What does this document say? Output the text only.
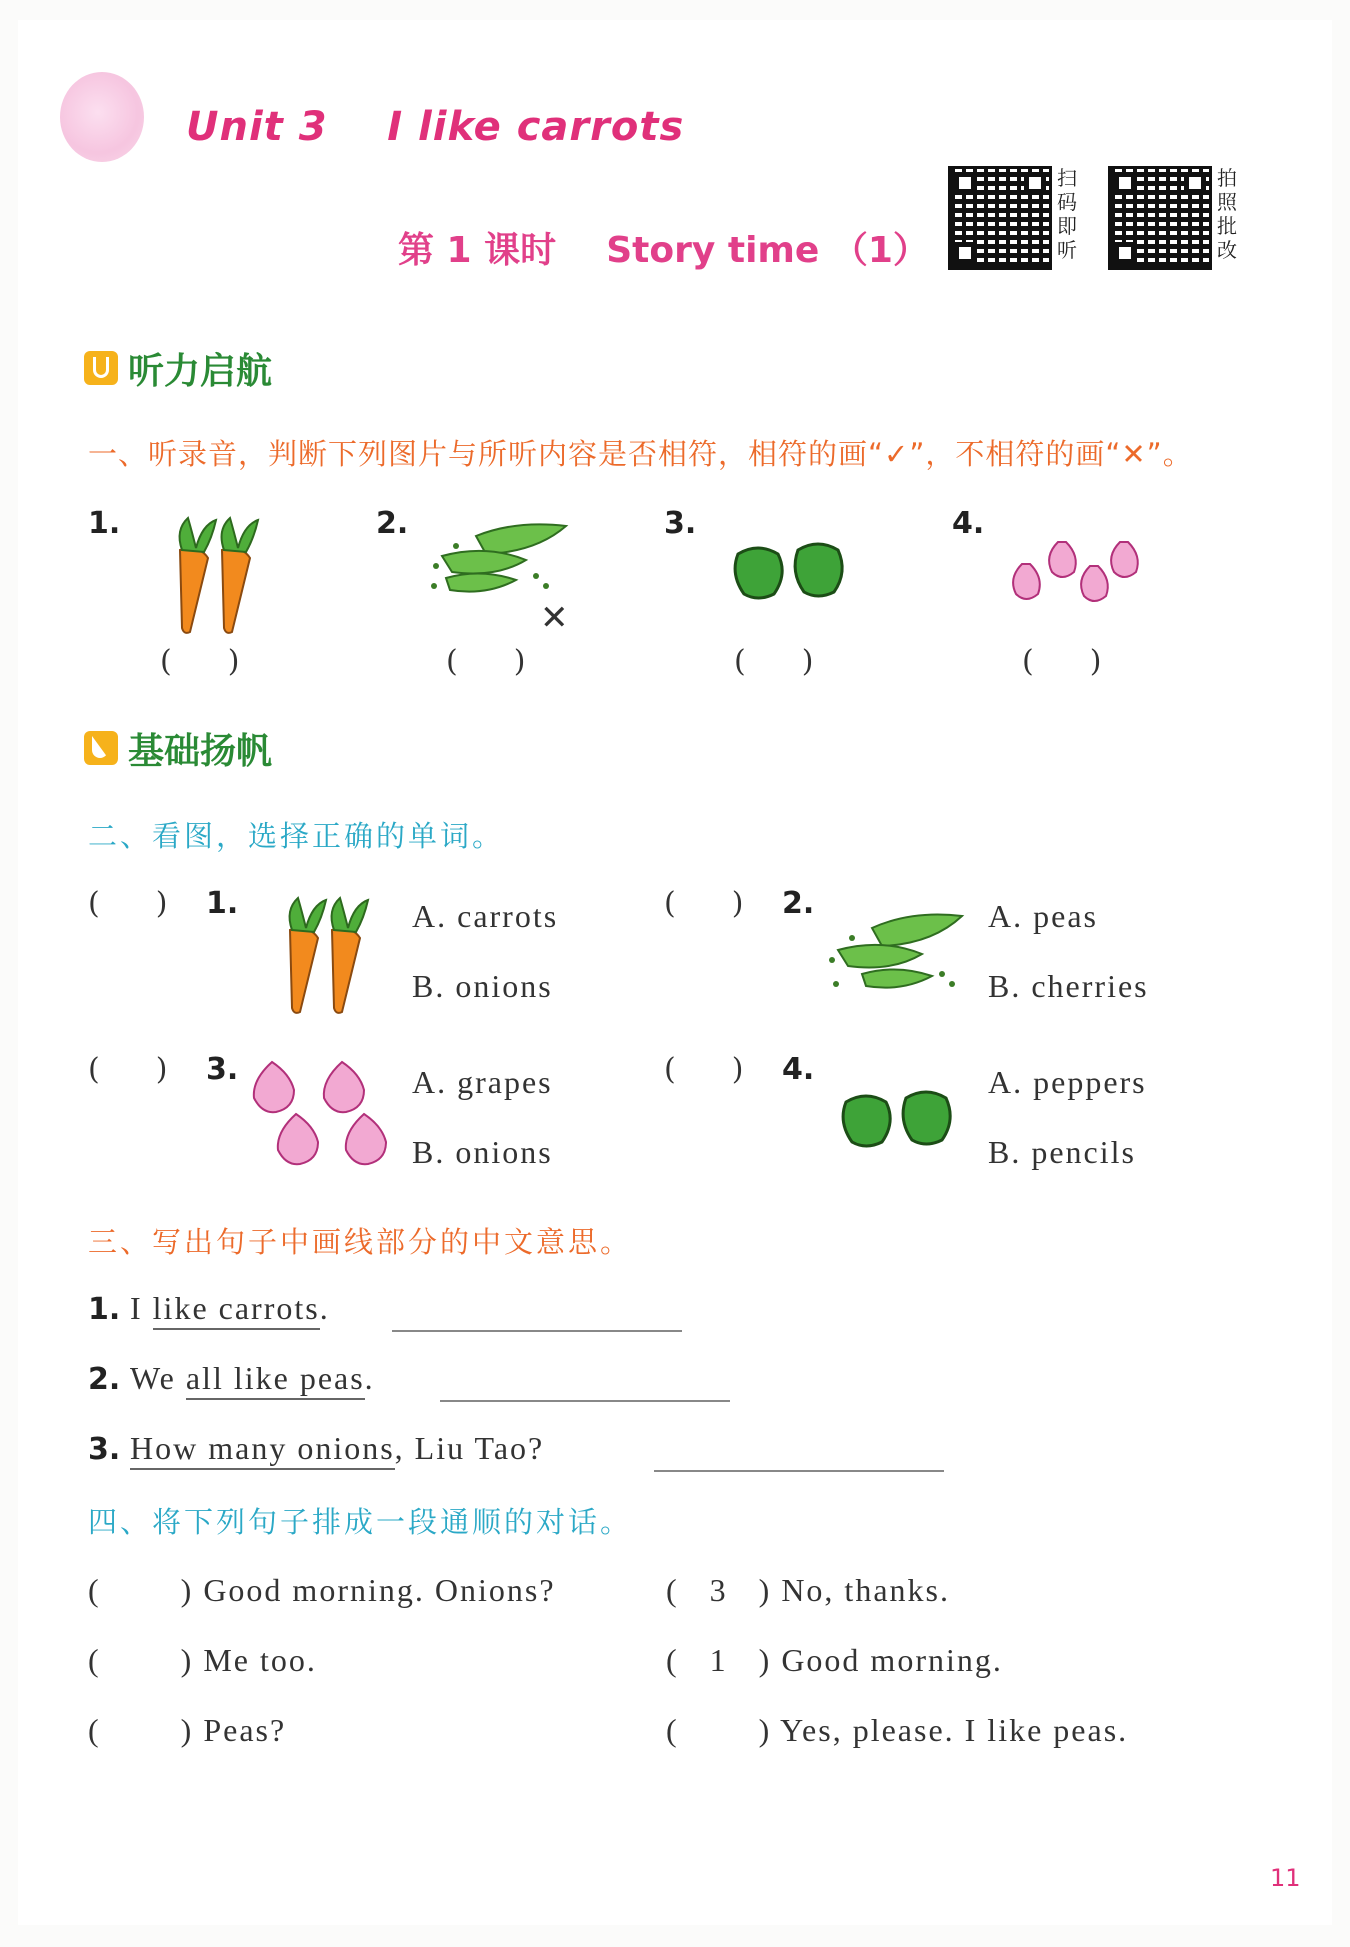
Unit 3    I like carrots
第 1 课时    Story time （1）
扫
码
即
听
拍
照
批
改
听力启航
一、听录音，判断下列图片与所听内容是否相符，相符的画“✓”，不相符的画“✕”。
1.	2.	3.	4.
✕
( )	( )	( )	( )
基础扬帆
二、看图，选择正确的单词。
( ) 1.	A. carrots
B. onions
( ) 2.	A. peas
B. cherries
( ) 3.	A. grapes
B. onions
( ) 4.	A. peppers
B. pencils
三、写出句子中画线部分的中文意思。
1. I like carrots.
2. We all like peas.
3. How many onions, Liu Tao?
四、将下列句子排成一段通顺的对话。
(	) Good morning. Onions?
(	) Me too.
(	) Peas?
( 3 ) No, thanks.
( 1 ) Good morning.
(	) Yes, please. I like peas.
11
